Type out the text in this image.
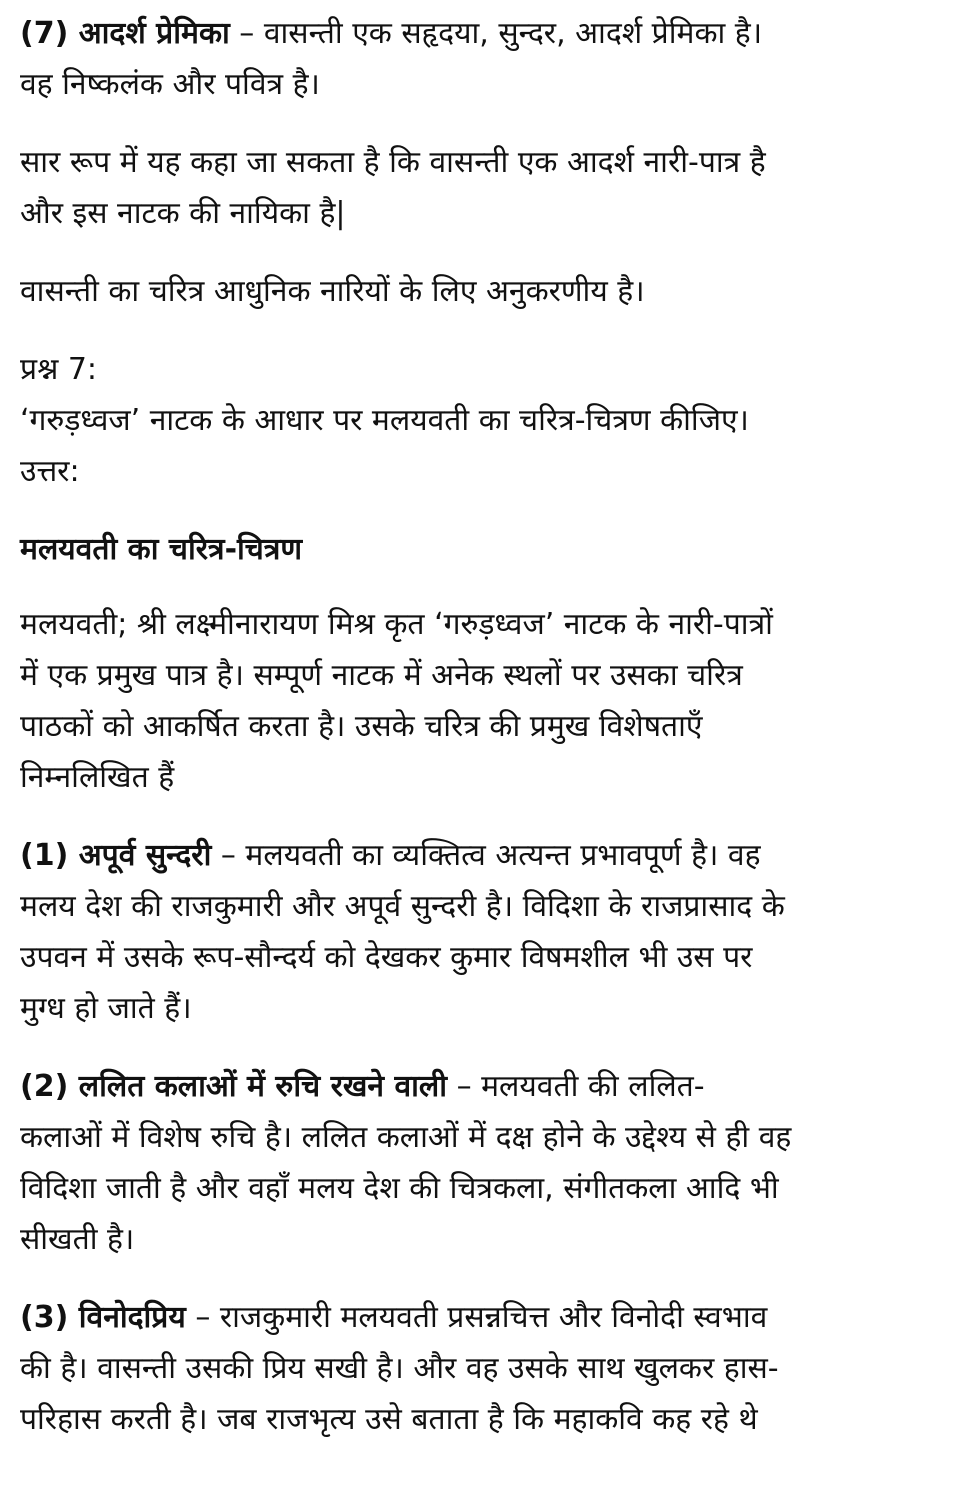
(7) आदर्श प्रेमिका – वासन्ती एक सहृदया, सुन्दर, आदर्श प्रेमिका है।
वह निष्कलंक और पवित्र है।
सार रूप में यह कहा जा सकता है कि वासन्ती एक आदर्श नारी-पात्र है
और इस नाटक की नायिका है|
वासन्ती का चरित्र आधुनिक नारियों के लिए अनुकरणीय है।
प्रश्न 7:
‘गरुड़ध्वज’ नाटक के आधार पर मलयवती का चरित्र-चित्रण कीजिए।
उत्तर:
मलयवती का चरित्र-चित्रण
मलयवती; श्री लक्ष्मीनारायण मिश्र कृत ‘गरुड़ध्वज’ नाटक के नारी-पात्रों
में एक प्रमुख पात्र है। सम्पूर्ण नाटक में अनेक स्थलों पर उसका चरित्र
पाठकों को आकर्षित करता है। उसके चरित्र की प्रमुख विशेषताएँ
निम्नलिखित हैं
(1) अपूर्व सुन्दरी – मलयवती का व्यक्तित्व अत्यन्त प्रभावपूर्ण है। वह
मलय देश की राजकुमारी और अपूर्व सुन्दरी है। विदिशा के राजप्रासाद के
उपवन में उसके रूप-सौन्दर्य को देखकर कुमार विषमशील भी उस पर
मुग्ध हो जाते हैं।
(2) ललित कलाओं में रुचि रखने वाली – मलयवती की ललित-
कलाओं में विशेष रुचि है। ललित कलाओं में दक्ष होने के उद्देश्य से ही वह
विदिशा जाती है और वहाँ मलय देश की चित्रकला, संगीतकला आदि भी
सीखती है।
(3) विनोदप्रिय – राजकुमारी मलयवती प्रसन्नचित्त और विनोदी स्वभाव
की है। वासन्ती उसकी प्रिय सखी है। और वह उसके साथ खुलकर हास-
परिहास करती है। जब राजभृत्य उसे बताता है कि महाकवि कह रहे थे
